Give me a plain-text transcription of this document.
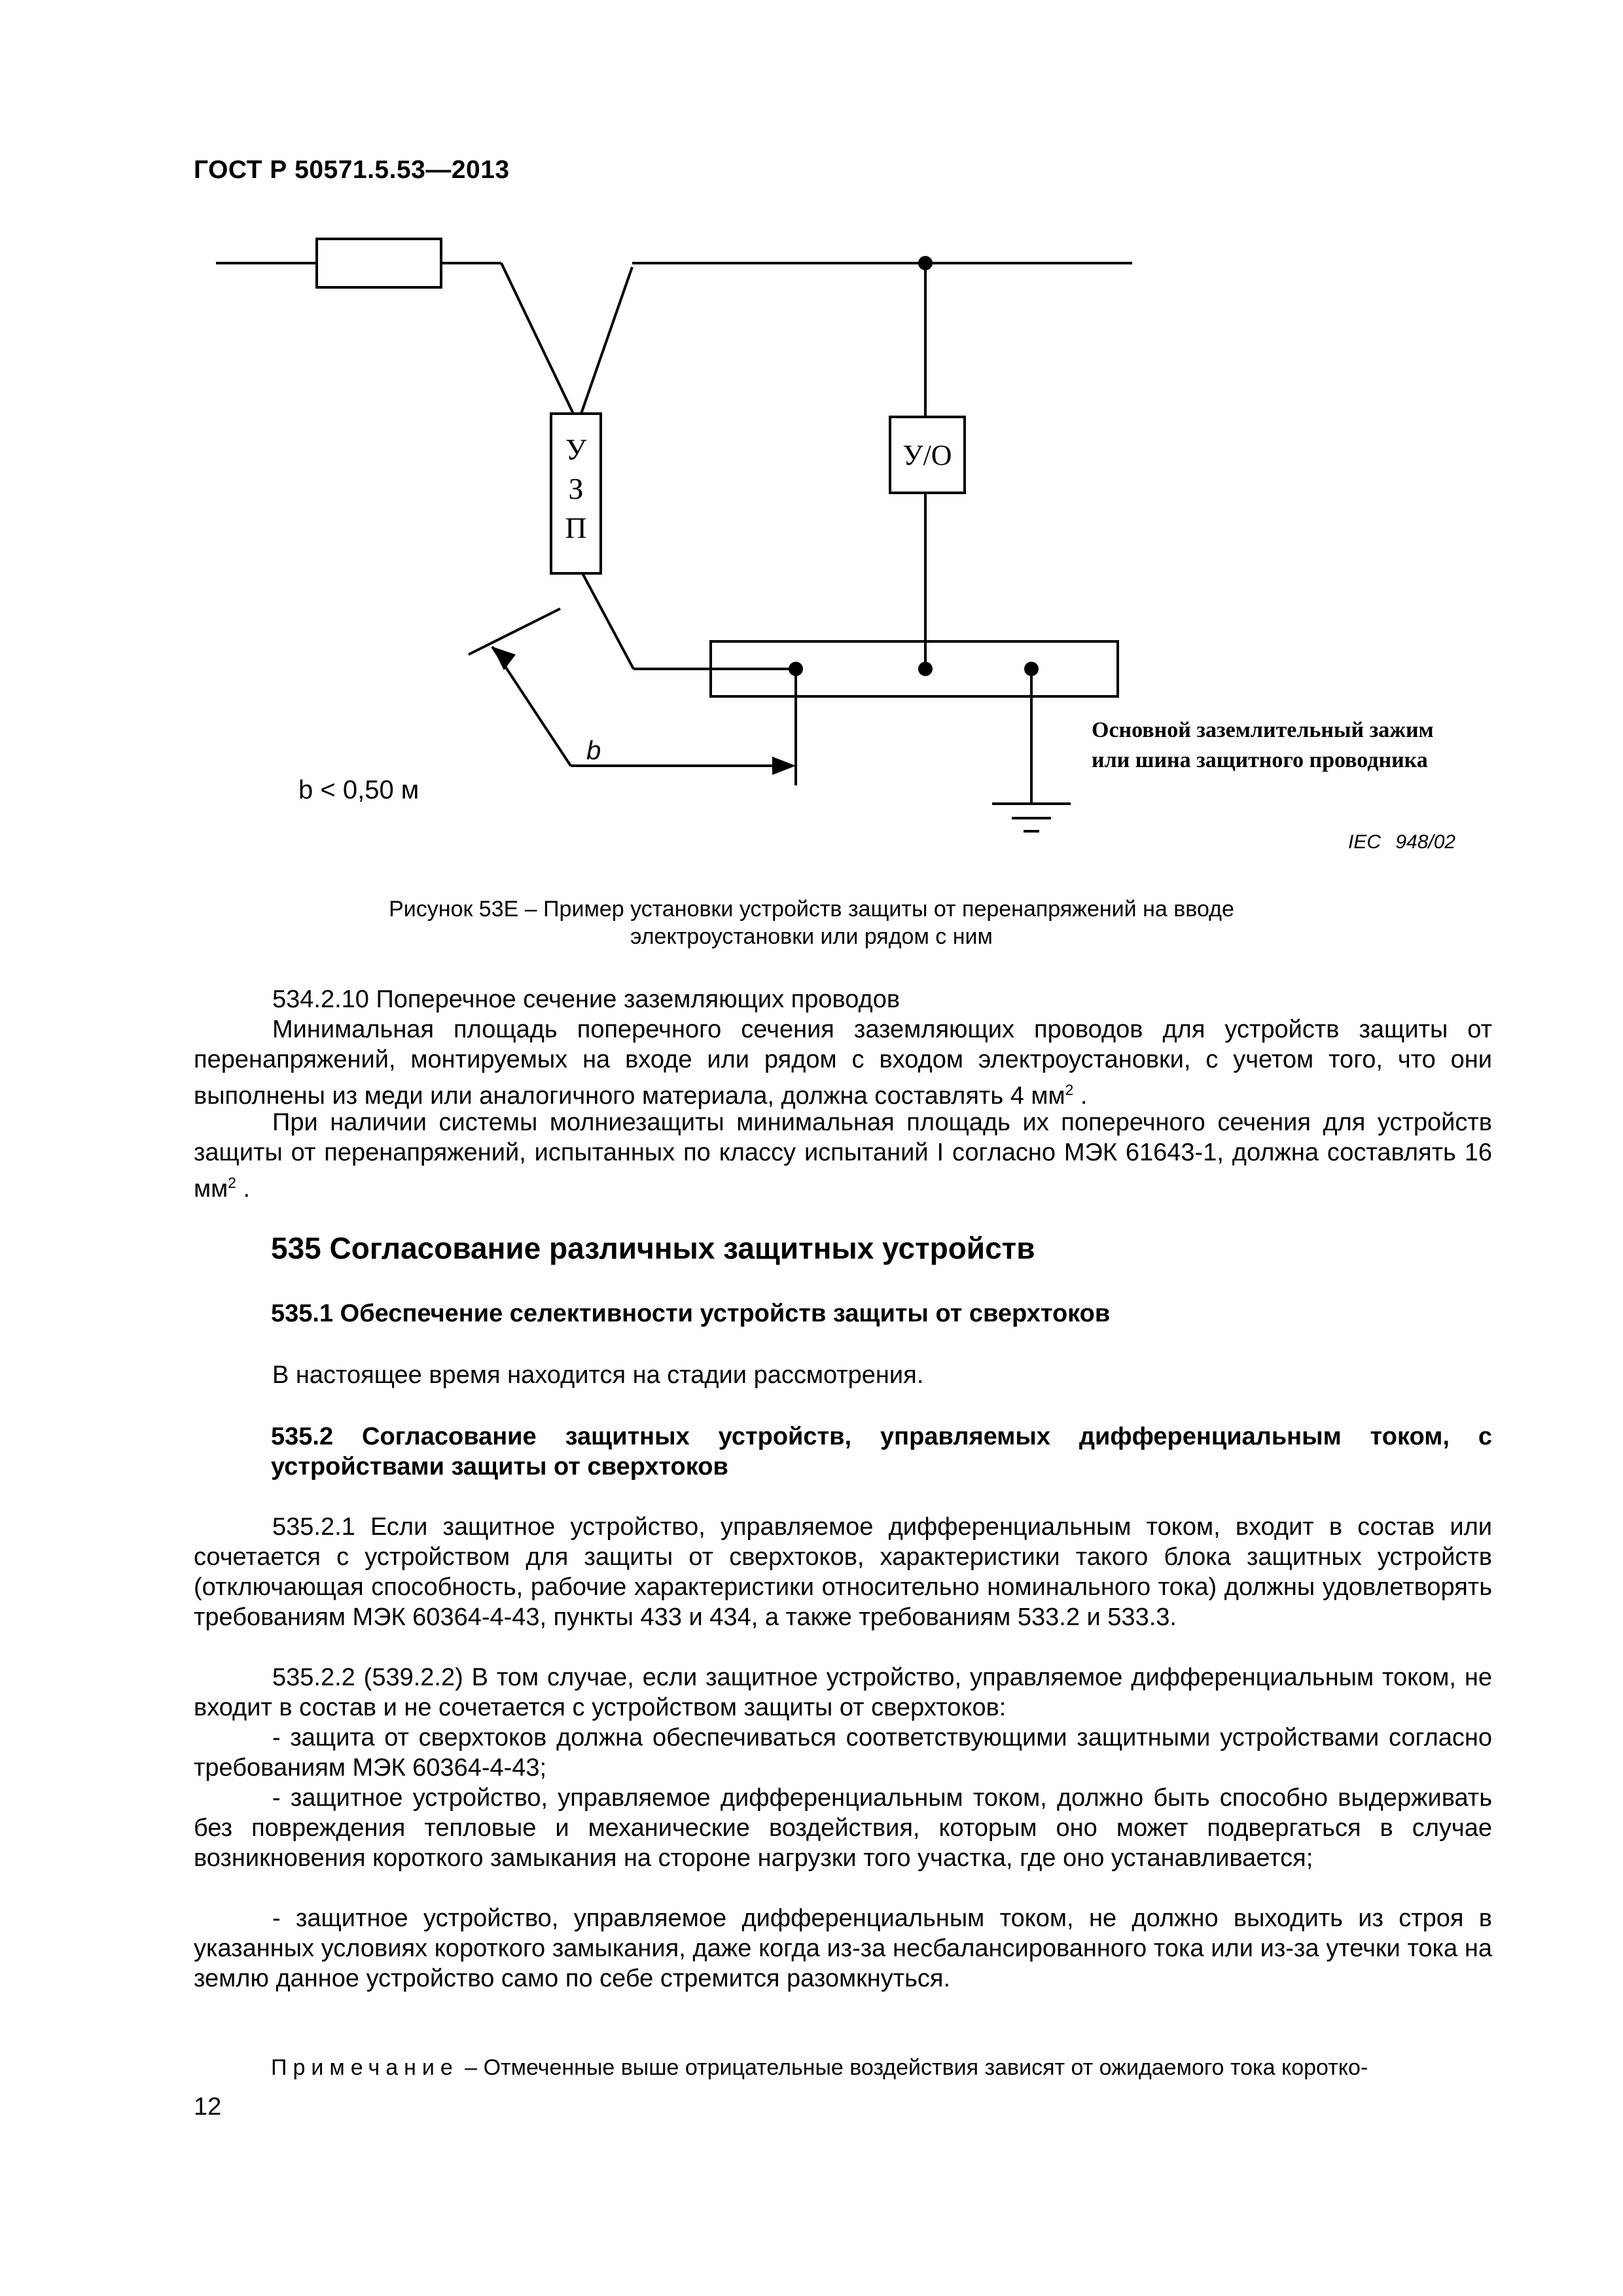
ГОСТ Р 50571.5.53—2013
У
З
П
У/О
Основной заземлительный зажим
или шина защитного проводника
b
b < 0,50 м
IEC 948/02
Рисунок 53Е – Пример установки устройств защиты от перенапряжений на вводе
электроустановки или рядом с ним
534.2.10 Поперечное сечение заземляющих проводов
Минимальная площадь поперечного сечения заземляющих проводов для устройств защиты от перенапряжений, монтируемых на входе или рядом с входом электроустановки, с учетом того, что они выполнены из меди или аналогичного материала, должна составлять 4 $мм^2$ .
При наличии системы молниезащиты минимальная площадь их поперечного сечения для устройств защиты от перенапряжений, испытанных по классу испытаний I согласно МЭК 61643-1, должна составлять 16 $мм^2$ .
535 Согласование различных защитных устройств
535.1 Обеспечение селективности устройств защиты от сверхтоков
В настоящее время находится на стадии рассмотрения.
535.2 Согласование защитных устройств, управляемых дифференциальным током, с устройствами защиты от сверхтоков
535.2.1 Если защитное устройство, управляемое дифференциальным током, входит в состав или сочетается с устройством для защиты от сверхтоков, характеристики такого блока защитных устройств (отключающая способность, рабочие характеристики относительно номинального тока) должны удовлетворять требованиям МЭК 60364-4-43, пункты 433 и 434, а также требованиям 533.2 и 533.3.
535.2.2 (539.2.2) В том случае, если защитное устройство, управляемое дифференциальным током, не входит в состав и не сочетается с устройством защиты от сверхтоков:
- защита от сверхтоков должна обеспечиваться соответствующими защитными устройствами согласно требованиям МЭК 60364-4-43;
- защитное устройство, управляемое дифференциальным током, должно быть способно выдерживать без повреждения тепловые и механические воздействия, которым оно может подвергаться в случае возникновения короткого замыкания на стороне нагрузки того участка, где оно устанавливается;
- защитное устройство, управляемое дифференциальным током, не должно выходить из строя в указанных условиях короткого замыкания, даже когда из-за несбалансированного тока или из-за утечки тока на землю данное устройство само по себе стремится разомкнуться.
Примечание – Отмеченные выше отрицательные воздействия зависят от ожидаемого тока коротко-
12
